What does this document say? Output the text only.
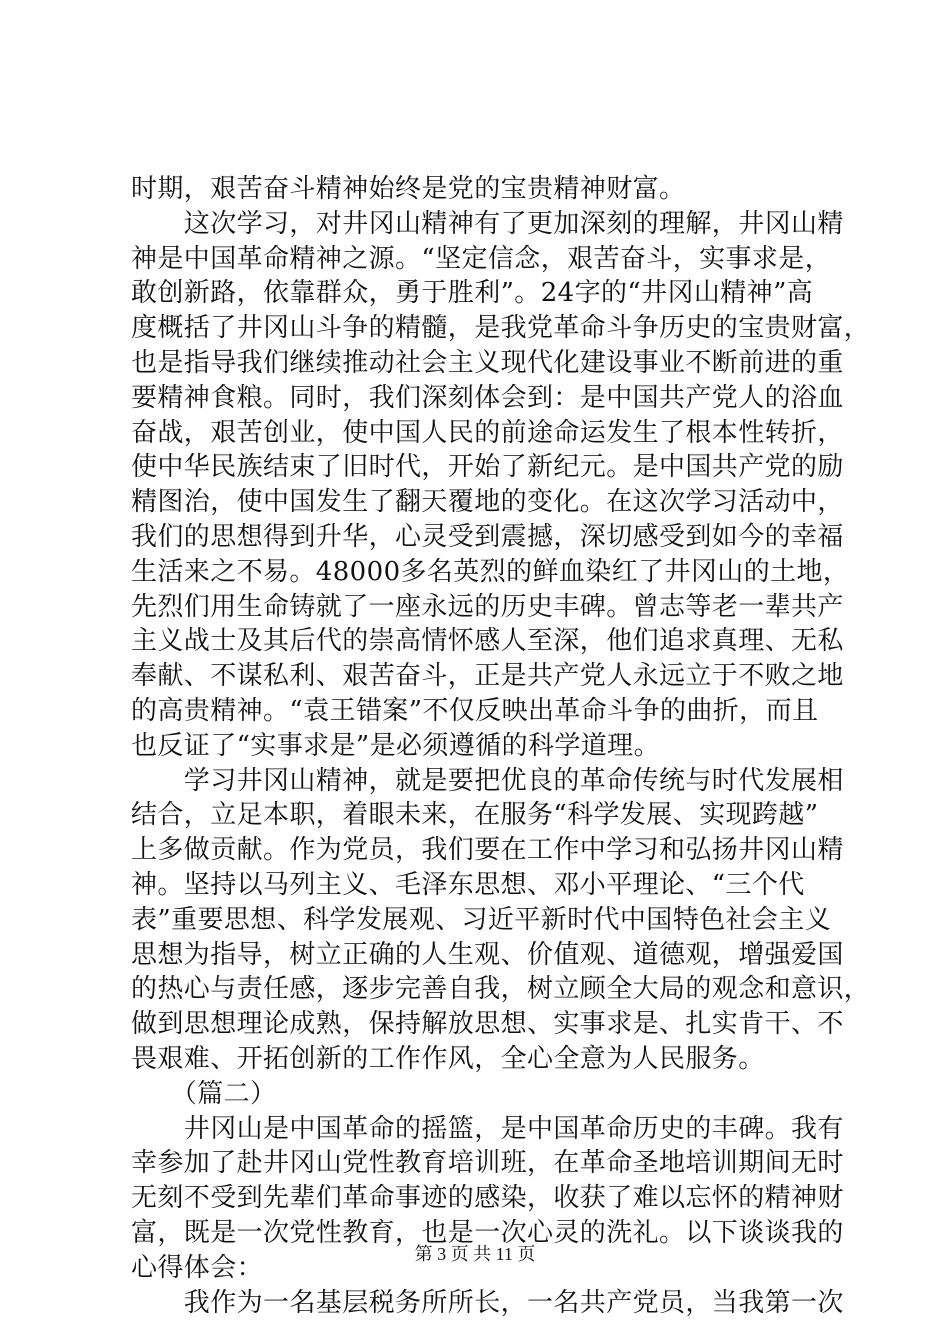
时期，艰苦奋斗精神始终是党的宝贵精神财富。
　　这次学习，对井冈山精神有了更加深刻的理解，井冈山精
神是中国革命精神之源。“坚定信念，艰苦奋斗，实事求是，
敢创新路，依靠群众，勇于胜利”。24字的“井冈山精神”高
度概括了井冈山斗争的精髓，是我党革命斗争历史的宝贵财富，
也是指导我们继续推动社会主义现代化建设事业不断前进的重
要精神食粮。同时，我们深刻体会到：是中国共产党人的浴血
奋战，艰苦创业，使中国人民的前途命运发生了根本性转折，
使中华民族结束了旧时代，开始了新纪元。是中国共产党的励
精图治，使中国发生了翻天覆地的变化。在这次学习活动中，
我们的思想得到升华，心灵受到震撼，深切感受到如今的幸福
生活来之不易。48000多名英烈的鲜血染红了井冈山的土地，
先烈们用生命铸就了一座永远的历史丰碑。曾志等老一辈共产
主义战士及其后代的崇高情怀感人至深，他们追求真理、无私
奉献、不谋私利、艰苦奋斗，正是共产党人永远立于不败之地
的高贵精神。“袁王错案”不仅反映出革命斗争的曲折，而且
也反证了“实事求是”是必须遵循的科学道理。
　　学习井冈山精神，就是要把优良的革命传统与时代发展相
结合，立足本职，着眼未来，在服务“科学发展、实现跨越”
上多做贡献。作为党员，我们要在工作中学习和弘扬井冈山精
神。坚持以马列主义、毛泽东思想、邓小平理论、“三个代
表”重要思想、科学发展观、习近平新时代中国特色社会主义
思想为指导，树立正确的人生观、价值观、道德观，增强爱国
的热心与责任感，逐步完善自我，树立顾全大局的观念和意识，
做到思想理论成熟，保持解放思想、实事求是、扎实肯干、不
畏艰难、开拓创新的工作作风，全心全意为人民服务。
　　（篇二）
　　井冈山是中国革命的摇篮，是中国革命历史的丰碑。我有
幸参加了赴井冈山党性教育培训班，在革命圣地培训期间无时
无刻不受到先辈们革命事迹的感染，收获了难以忘怀的精神财
富，既是一次党性教育，也是一次心灵的洗礼。以下谈谈我的
心得体会：
　　我作为一名基层税务所所长，一名共产党员，当我第一次
第 3 页 共 11 页
